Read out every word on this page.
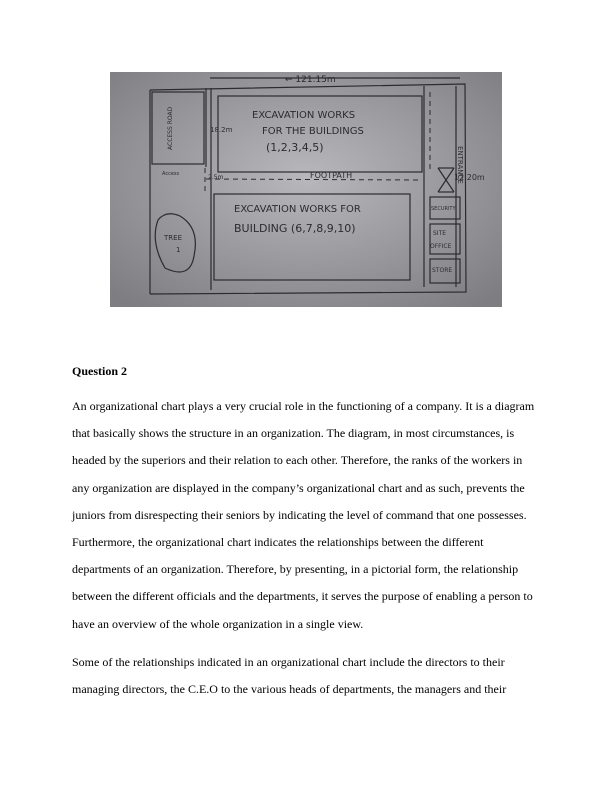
← 121.15m
ACCESS ROAD	18.2m
EXCAVATION WORKS
FOR THE BUILDINGS
(1,2,3,4,5)	ENTRANCE
12.20m
Access	2.5m	FOOTPATH
EXCAVATION WORKS FOR
BUILDING (6,7,8,9,10)
SECURITY
SITE
OFFICE
STORE
TREE
1
Question 2

An organizational chart plays a very crucial role in the functioning of a company. It is a diagram
that basically shows the structure in an organization. The diagram, in most circumstances, is
headed by the superiors and their relation to each other. Therefore, the ranks of the workers in
any organization are displayed in the company’s organizational chart and as such, prevents the
juniors from disrespecting their seniors by indicating the level of command that one possesses.
Furthermore, the organizational chart indicates the relationships between the different
departments of an organization. Therefore, by presenting, in a pictorial form, the relationship
between the different officials and the departments, it serves the purpose of enabling a person to
have an overview of the whole organization in a single view.

Some of the relationships indicated in an organizational chart include the directors to their
managing directors, the C.E.O to the various heads of departments, the managers and their
